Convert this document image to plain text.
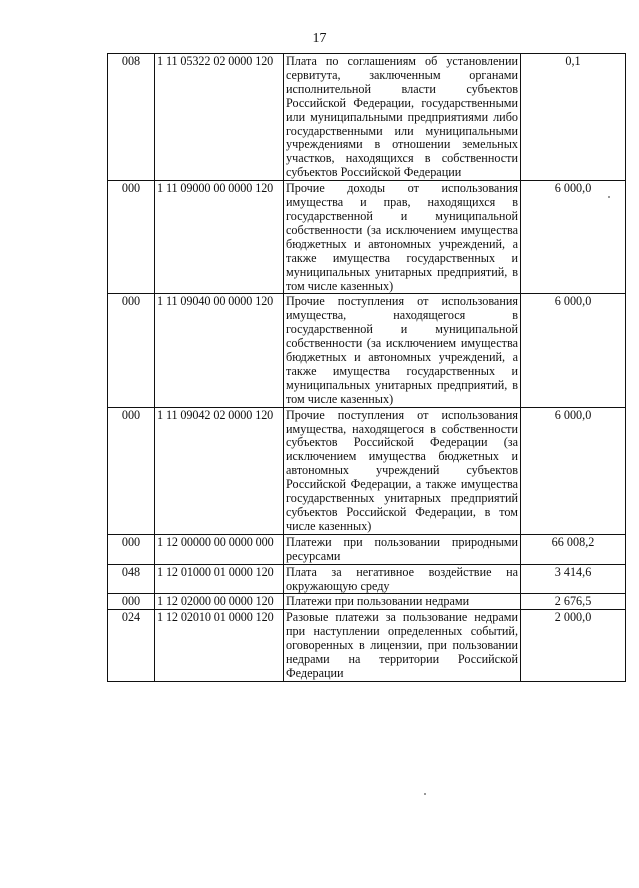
17
008	1 11 05322 02 0000 120	Плата по соглашениям об установлении сервитута, заключенным органами исполнительной власти субъектов Российской Федерации, государственными или муниципальными предприятиями либо государственными или муниципальными учреждениями в отношении земельных участков, находящихся в собственности субъектов Российской Федерации	0,1
000	1 11 09000 00 0000 120	Прочие доходы от использования имущества и прав, находящихся в государственной и муниципальной собственности (за исключением имущества бюджетных и автономных учреждений, а также имущества государственных и муниципальных унитарных предприятий, в том числе казенных)	6 000,0
000	1 11 09040 00 0000 120	Прочие поступления от использования имущества, находящегося в государственной и муниципальной собственности (за исключением имущества бюджетных и автономных учреждений, а также имущества государственных и муниципальных унитарных предприятий, в том числе казенных)	6 000,0
000	1 11 09042 02 0000 120	Прочие поступления от использования имущества, находящегося в собственности субъектов Российской Федерации (за исключением имущества бюджетных и автономных учреждений субъектов Российской Федерации, а также имущества государственных унитарных предприятий субъектов Российской Федерации, в том числе казенных)	6 000,0
000	1 12 00000 00 0000 000	Платежи при пользовании природными ресурсами	66 008,2
048	1 12 01000 01 0000 120	Плата за негативное воздействие на окружающую среду	3 414,6
000	1 12 02000 00 0000 120	Платежи при пользовании недрами	2 676,5
024	1 12 02010 01 0000 120	Разовые платежи за пользование недрами при наступлении определенных событий, оговоренных в лицензии, при пользовании недрами на территории Российской Федерации	2 000,0
